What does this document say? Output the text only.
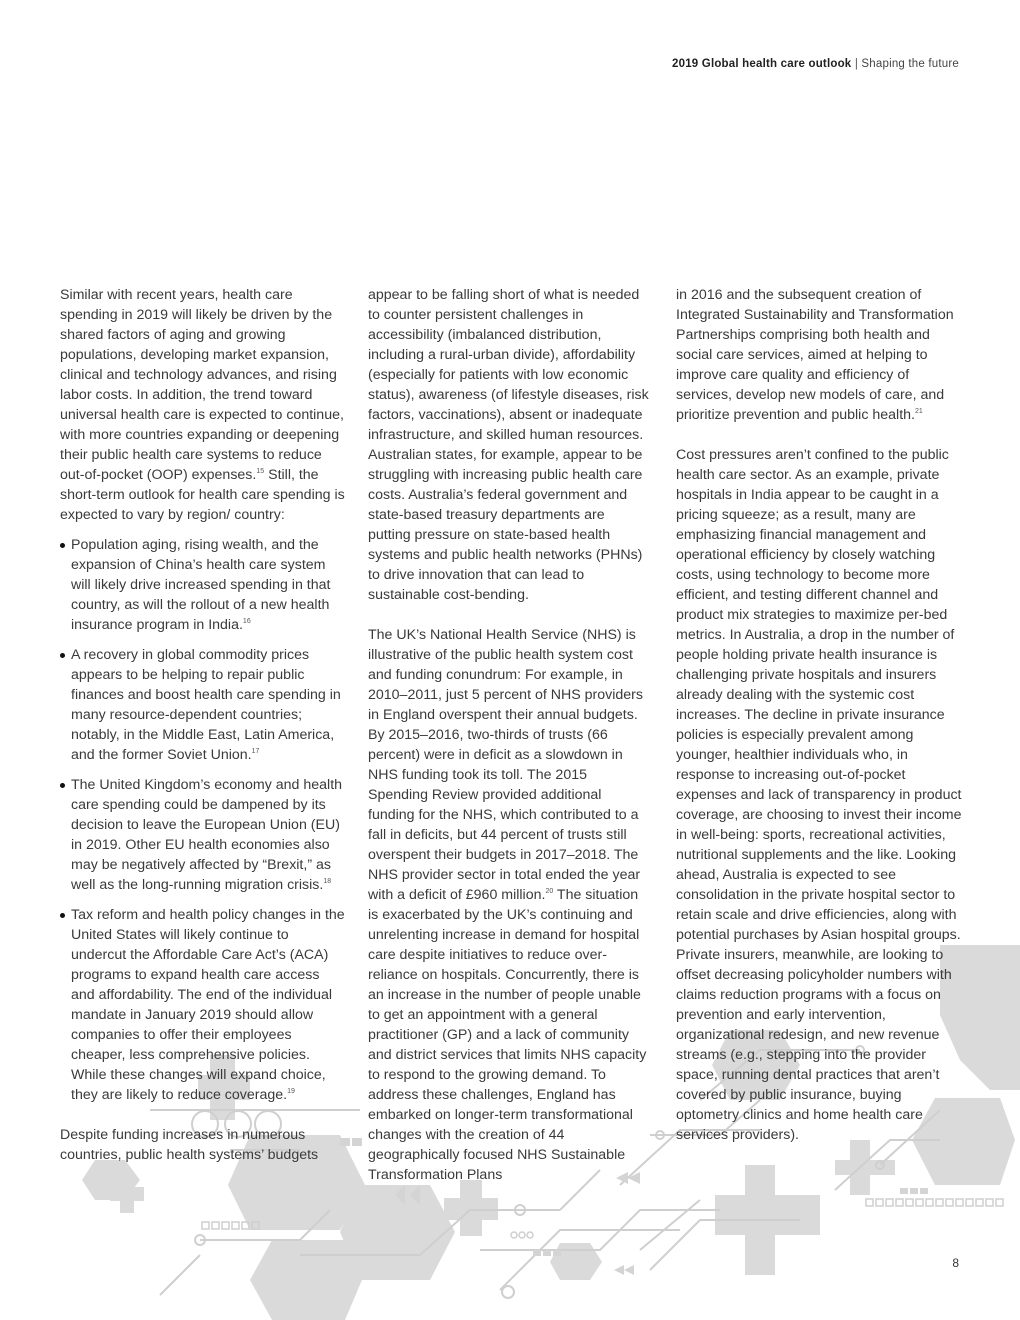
2019 Global health care outlook | Shaping the future

Similar with recent years, health care spending in 2019 will likely be driven by the shared factors of aging and growing populations, developing market expansion, clinical and technology advances, and rising labor costs. In addition, the trend toward universal health care is expected to continue, with more countries expanding or deepening their public health care systems to reduce out-of-pocket (OOP) expenses.$^{15}$ Still, the short-term outlook for health care spending is expected to vary by region/ country:

Population aging, rising wealth, and the expansion of China’s health care system will likely drive increased spending in that country, as will the rollout of a new health insurance program in India.$^{16}$
A recovery in global commodity prices appears to be helping to repair public finances and boost health care spending in many resource-dependent countries; notably, in the Middle East, Latin America, and the former Soviet Union.$^{17}$
The United Kingdom’s economy and health care spending could be dampened by its decision to leave the European Union (EU) in 2019. Other EU health economies also may be negatively affected by “Brexit,” as well as the long-running migration crisis.$^{18}$
Tax reform and health policy changes in the United States will likely continue to undercut the Affordable Care Act’s (ACA) programs to expand health care access and affordability. The end of the individual mandate in January 2019 should allow companies to offer their employees cheaper, less comprehensive policies. While these changes will expand choice, they are likely to reduce coverage.$^{19}$

Despite funding increases in numerous countries, public health systems’ budgets

appear to be falling short of what is needed to counter persistent challenges in accessibility (imbalanced distribution, including a rural-urban divide), affordability (especially for patients with low economic status), awareness (of lifestyle diseases, risk factors, vaccinations), absent or inadequate infrastructure, and skilled human resources. Australian states, for example, appear to be struggling with increasing public health care costs. Australia’s federal government and state-based treasury departments are putting pressure on state-based health systems and public health networks (PHNs) to drive innovation that can lead to sustainable cost-bending.

The UK’s National Health Service (NHS) is illustrative of the public health system cost and funding conundrum: For example, in 2010–2011, just 5 percent of NHS providers in England overspent their annual budgets. By 2015–2016, two-thirds of trusts (66 percent) were in deficit as a slowdown in NHS funding took its toll. The 2015 Spending Review provided additional funding for the NHS, which contributed to a fall in deficits, but 44 percent of trusts still overspent their budgets in 2017–2018. The NHS provider sector in total ended the year with a deficit of £960 million.$^{20}$ The situation is exacerbated by the UK’s continuing and unrelenting increase in demand for hospital care despite initiatives to reduce over-reliance on hospitals. Concurrently, there is an increase in the number of people unable to get an appointment with a general practitioner (GP) and a lack of community and district services that limits NHS capacity to respond to the growing demand. To address these challenges, England has embarked on longer-term transformational changes with the creation of 44 geographically focused NHS Sustainable Transformation Plans

in 2016 and the subsequent creation of Integrated Sustainability and Transformation Partnerships comprising both health and social care services, aimed at helping to improve care quality and efficiency of services, develop new models of care, and prioritize prevention and public health.$^{21}$

Cost pressures aren’t confined to the public health care sector. As an example, private hospitals in India appear to be caught in a pricing squeeze; as a result, many are emphasizing financial management and operational efficiency by closely watching costs, using technology to become more efficient, and testing different channel and product mix strategies to maximize per-bed metrics. In Australia, a drop in the number of people holding private health insurance is challenging private hospitals and insurers already dealing with the systemic cost increases. The decline in private insurance policies is especially prevalent among younger, healthier individuals who, in response to increasing out-of-pocket expenses and lack of transparency in product coverage, are choosing to invest their income in well-being: sports, recreational activities, nutritional supplements and the like. Looking ahead, Australia is expected to see consolidation in the private hospital sector to retain scale and drive efficiencies, along with potential purchases by Asian hospital groups. Private insurers, meanwhile, are looking to offset decreasing policyholder numbers with claims reduction programs with a focus on prevention and early intervention, organizational redesign, and new revenue streams (e.g., stepping into the provider space, running dental practices that aren’t covered by public insurance, buying optometry clinics and home health care services providers).

8
